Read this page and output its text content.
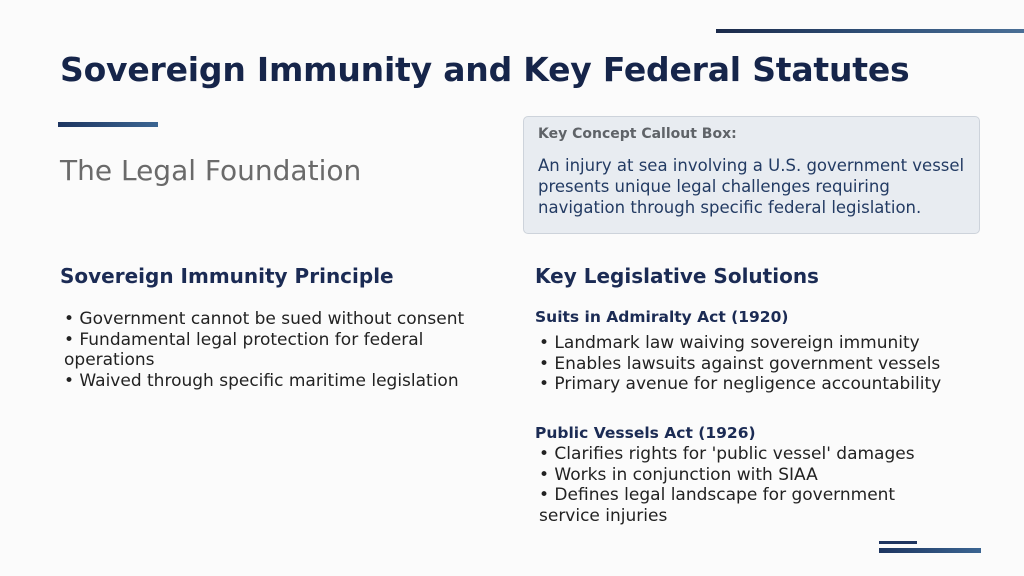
Sovereign Immunity and Key Federal Statutes
The Legal Foundation

Key Concept Callout Box:

An injury at sea involving a U.S. government vessel presents unique legal challenges requiring navigation through specific federal legislation.

Sovereign Immunity Principle
• Government cannot be sued without consent
• Fundamental legal protection for federal operations
• Waived through specific maritime legislation
Key Legislative Solutions
Suits in Admiralty Act (1920)
• Landmark law waiving sovereign immunity
• Enables lawsuits against government vessels
• Primary avenue for negligence accountability
Public Vessels Act (1926)
• Clarifies rights for 'public vessel' damages
• Works in conjunction with SIAA
• Defines legal landscape for government service injuries
